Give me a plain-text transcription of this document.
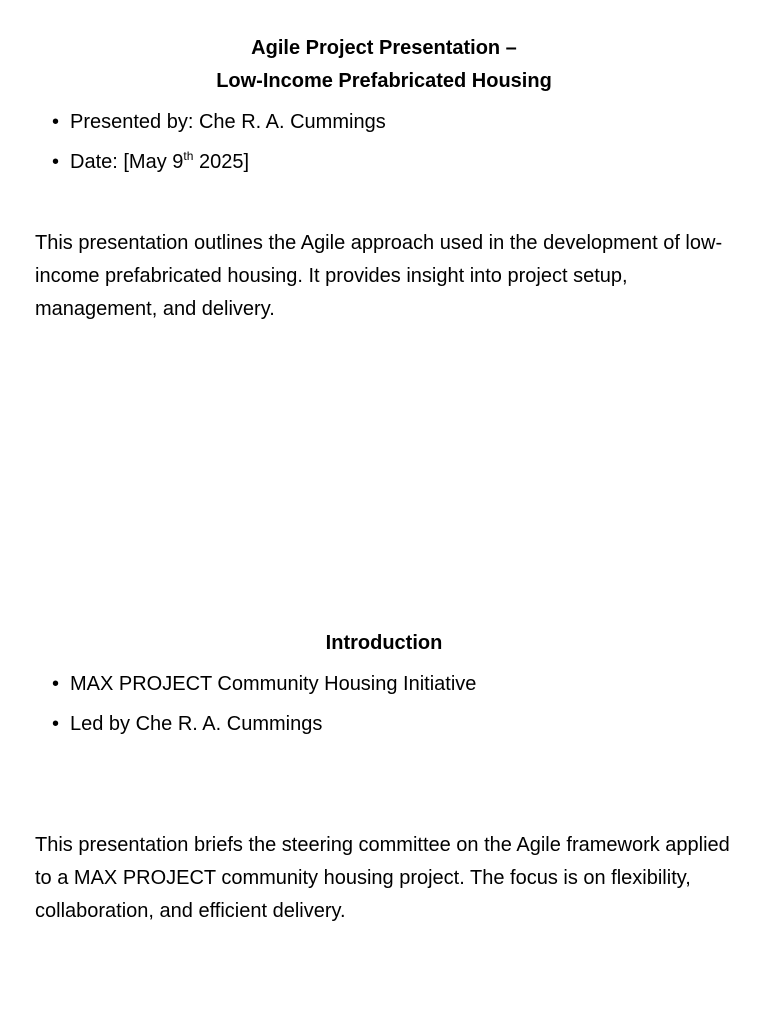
Agile Project Presentation –
Low-Income Prefabricated Housing
• Presented by: Che R. A. Cummings
• Date: [May 9th 2025]

This presentation outlines the Agile approach used in the development of low-income prefabricated housing. It provides insight into project setup, management, and delivery.

Introduction
• MAX PROJECT Community Housing Initiative
• Led by Che R. A. Cummings

This presentation briefs the steering committee on the Agile framework applied to a MAX PROJECT community housing project. The focus is on flexibility, collaboration, and efficient delivery.
